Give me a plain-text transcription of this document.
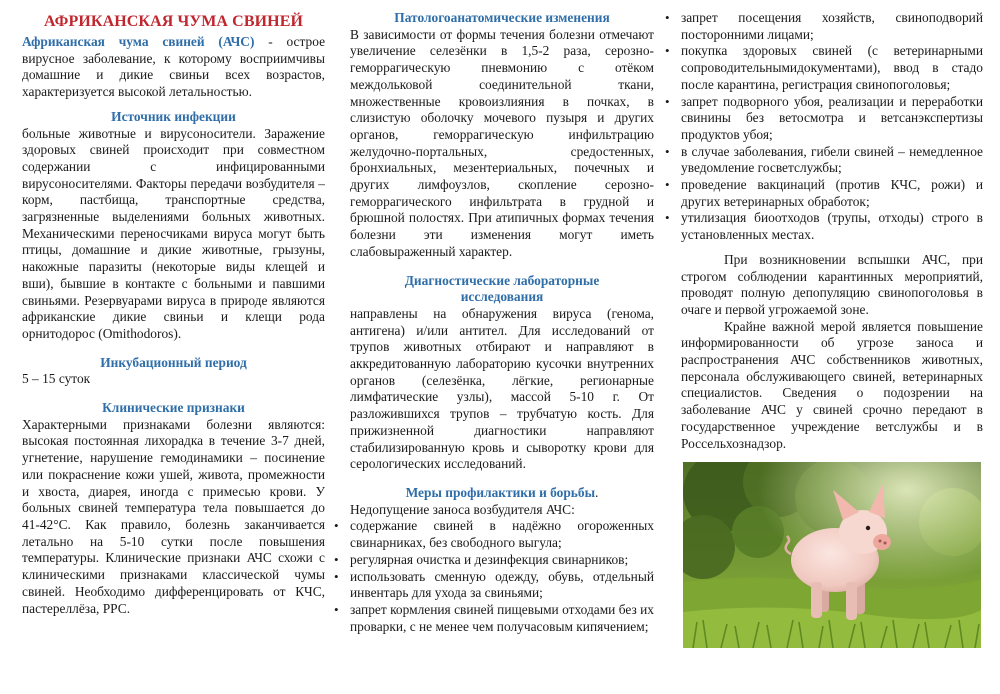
АФРИКАНСКАЯ ЧУМА СВИНЕЙ

Африканская чума свиней (АЧС) - острое вирусное заболевание, к которому восприимчивы домашние и дикие свиньи всех возрастов, характеризуется высокой летальностью.

Источник инфекции

больные животные и вирусоносители. Заражение здоровых свиней происходит при совместном содержании с инфицированными вирусоносителями. Факторы передачи возбудителя – корм, пастбища, транспортные средства, загрязненные выделениями больных животных. Механическими переносчиками вируса могут быть птицы, домашние и дикие животные, грызуны, накожные паразиты (некоторые виды клещей и вши), бывшие в контакте с больными и павшими свиньями. Резервуарами вируса в природе являются африканские дикие свиньи и клещи рода орнитодорос (Omithodoros).

Инкубационный период

5 – 15 суток

Клинические признаки

Характерными признаками болезни являются: высокая постоянная лихорадка в течение 3-7 дней, угнетение, нарушение гемодинамики – посинение или покраснение кожи ушей, живота, промежности и хвоста, диарея, иногда с примесью крови. У больных свиней температура тела повышается до 41-42°С. Как правило, болезнь заканчивается летально на 5-10 сутки после повышения температуры. Клинические признаки АЧС схожи с клиническими признаками классической чумы свиней. Необходимо дифференцировать от КЧС, пастереллёза, РРС.

Патологоанатомические изменения

В зависимости от формы течения болезни отмечают увеличение селезёнки в 1,5-2 раза, серозно-геморрагическую пневмонию с отёком междольковой соединительной ткани, множественные кровоизлияния в почках, в слизистую оболочку мочевого пузыря и других органов, геморрагическую инфильтрацию желудочно-портальных, средостенных, бронхиальных, мезентериальных, почечных и других лимфоузлов, скопление серозно-геморрагического инфильтрата в грудной и брюшной полостях. При атипичных формах течения болезни эти изменения могут иметь слабовыраженный характер.

Диагностические лабораторные исследования

направлены на обнаружения вируса (генома, антигена) и/или антител. Для исследований от трупов животных отбирают и направляют в аккредитованную лабораторию кусочки внутренних органов (селезёнка, лёгкие, регионарные лимфатические узлы), массой 5-10 г. От разложившихся трупов – трубчатую кость. Для прижизненной диагностики направляют стабилизированную кровь и сыворотку крови для серологических исследований.

Меры профилактики и борьбы.

Недопущение заноса возбудителя АЧС:

• содержание свиней в надёжно огороженных свинарниках, без свободного выгула;
• регулярная очистка и дезинфекция свинарников;
• использовать сменную одежду, обувь, отдельный инвентарь для ухода за свиньями;
• запрет кормления свиней пищевыми отходами без их проварки, с не менее чем получасовым кипячением;
• запрет посещения хозяйств, свиноподворий посторонними лицами;
• покупка здоровых свиней (с ветеринарными сопроводительнымидокументами), ввод в стадо после карантина, регистрация свинопоголовья;
• запрет подворного убоя, реализации и переработки свинины без ветосмотра и ветсанэкспертизы продуктов убоя;
• в случае заболевания, гибели свиней – немедленное уведомление госветслужбы;
• проведение вакцинаций (против КЧС, рожи) и других ветеринарных обработок;
• утилизация биоотходов (трупы, отходы) строго в установленных местах.

При возникновении вспышки АЧС, при строгом соблюдении карантинных мероприятий, проводят полную депопуляцию свинопоголовья в очаге и первой угрожаемой зоне.

Крайне важной мерой является повышение информированности об угрозе заноса и распространения АЧС собственников животных, персонала обслуживающего свиней, ветеринарных специалистов. Сведения о подозрении на заболевание АЧС у свиней срочно передают в государственное учреждение ветслужбы и в Россельхознадзор.
